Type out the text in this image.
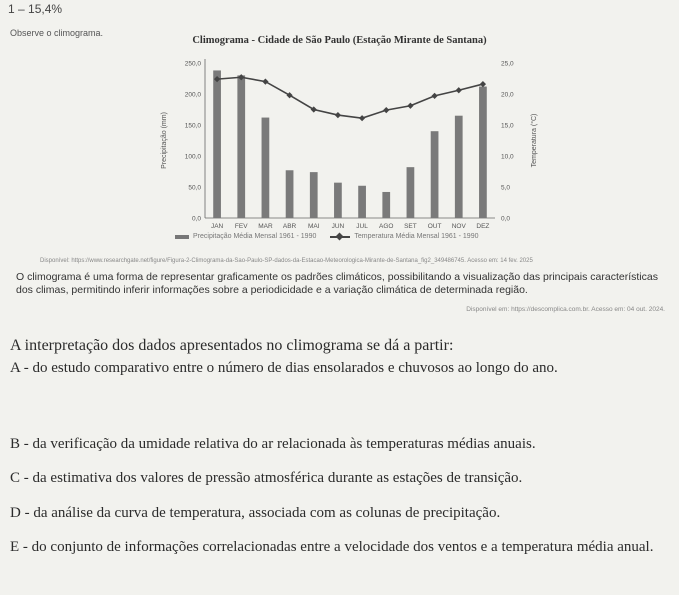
1 – 15,4%
Observe o climograma.
Climograma - Cidade de São Paulo (Estação Mirante de Santana)
0,0
50,0
100,0
150,0
200,0
250,0
0,0
5,0
10,0
15,0
20,0
25,0
Precipitação (mm)	Temperatura (°C)
JAN FEV MAR ABR MAI JUN JUL AGO SET OUT NOV DEZ
Precipitação Média Mensal 1961 - 1990	Temperatura Média Mensal 1961 - 1990
Disponível: https://www.researchgate.net/figure/Figura-2-Climograma-da-Sao-Paulo-SP-dados-da-Estacao-Meteorologica-Mirante-de-Santana_fig2_349486745. Acesso em: 14 fev. 2025
O climograma é uma forma de representar graficamente os padrões climáticos, possibilitando a visualização das principais características dos climas, permitindo inferir informações sobre a periodicidade e a variação climática de determinada região.
Disponível em: https://descomplica.com.br. Acesso em: 04 out. 2024.
A interpretação dos dados apresentados no climograma se dá a partir:
A - do estudo comparativo entre o número de dias ensolarados e chuvosos ao longo do ano.
B - da verificação da umidade relativa do ar relacionada às temperaturas médias anuais.
C - da estimativa dos valores de pressão atmosférica durante as estações de transição.
D - da análise da curva de temperatura, associada com as colunas de precipitação.
E - do conjunto de informações correlacionadas entre a velocidade dos ventos e a temperatura média anual.
